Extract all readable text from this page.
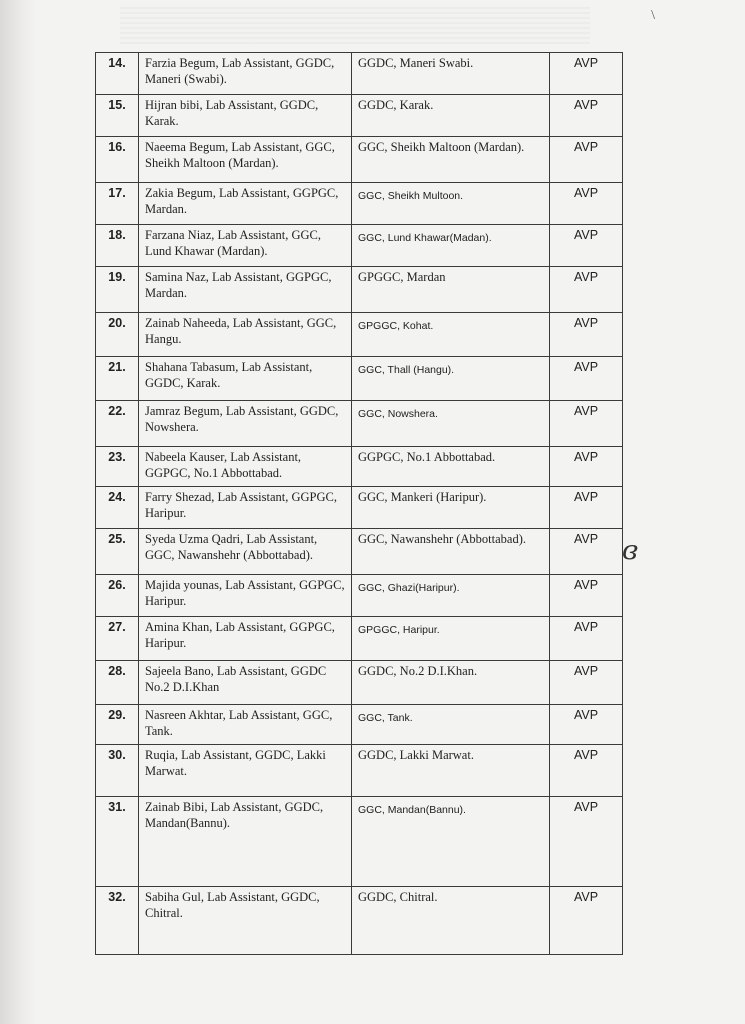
\
14.	Farzia Begum, Lab Assistant, GGDC, Maneri (Swabi).	GGDC, Maneri Swabi.	AVP
15.	Hijran bibi, Lab Assistant, GGDC, Karak.	GGDC, Karak.	AVP
16.	Naeema Begum, Lab Assistant, GGC, Sheikh Maltoon (Mardan).	GGC, Sheikh Maltoon (Mardan).	AVP
17.	Zakia Begum, Lab Assistant, GGPGC, Mardan.	GGC, Sheikh Multoon.	AVP
18.	Farzana Niaz, Lab Assistant, GGC, Lund Khawar (Mardan).	GGC, Lund Khawar(Madan).	AVP
19.	Samina Naz, Lab Assistant, GGPGC, Mardan.	GPGGC, Mardan	AVP
20.	Zainab Naheeda, Lab Assistant, GGC, Hangu.	GPGGC, Kohat.	AVP
21.	Shahana Tabasum, Lab Assistant, GGDC, Karak.	GGC, Thall (Hangu).	AVP
22.	Jamraz Begum, Lab Assistant, GGDC, Nowshera.	GGC, Nowshera.	AVP
23.	Nabeela Kauser, Lab Assistant, GGPGC, No.1 Abbottabad.	GGPGC, No.1 Abbottabad.	AVP
24.	Farry Shezad, Lab Assistant, GGPGC, Haripur.	GGC, Mankeri (Haripur).	AVP
25.	Syeda Uzma Qadri, Lab Assistant, GGC, Nawanshehr (Abbottabad).	GGC, Nawanshehr (Abbottabad).	AVP
26.	Majida younas, Lab Assistant, GGPGC, Haripur.	GGC, Ghazi(Haripur).	AVP
27.	Amina Khan, Lab Assistant, GGPGC, Haripur.	GPGGC, Haripur.	AVP
28.	Sajeela Bano, Lab Assistant, GGDC No.2 D.I.Khan	GGDC, No.2 D.I.Khan.	AVP
29.	Nasreen Akhtar, Lab Assistant, GGC, Tank.	GGC, Tank.	AVP
30.	Ruqia, Lab Assistant, GGDC, Lakki Marwat.	GGDC, Lakki Marwat.	AVP
31.	Zainab Bibi, Lab Assistant, GGDC, Mandan(Bannu).	GGC, Mandan(Bannu).	AVP
32.	Sabiha Gul, Lab Assistant, GGDC, Chitral.	GGDC, Chitral.	AVP
ɞ
